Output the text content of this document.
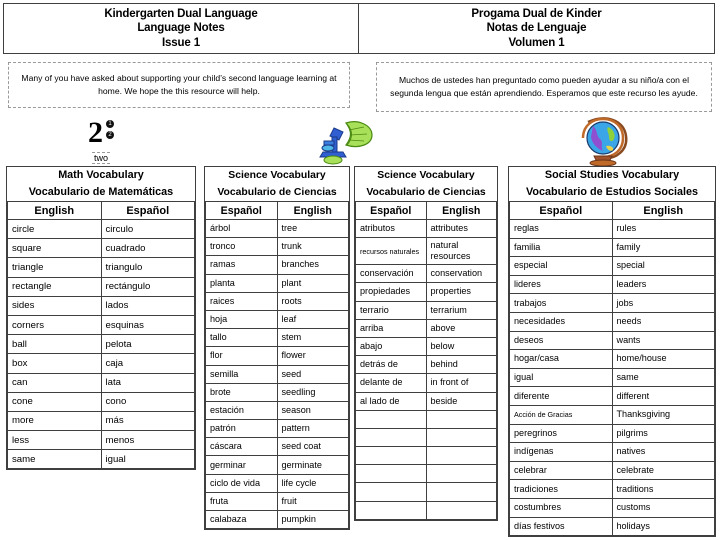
Kindergarten Dual Language
Language Notes
Issue 1
Progama Dual de Kinder
Notas de Lenguaje
Volumen 1
Many of you have asked about supporting your child’s second language learning at home. We hope the this resource will help.
Muchos de ustedes han preguntado como pueden ayudar a su niño/a con el segunda lengua que están aprendiendo. Esperamos que este recurso les ayude.
2 1
2
two
Math Vocabulary	
Vocabulario de Matemáticas	
English	Español
circle	circulo
square	cuadrado
triangle	triangulo
rectangle	rectángulo
sides	lados
corners	esquinas
ball	pelota
box	caja
can	lata
cone	cono
more	más
less	menos
same	igual
Science Vocabulary	
Vocabulario de Ciencias	
Español	English
árbol	tree
tronco	trunk
ramas	branches
planta	plant
raices	roots
hoja	leaf
tallo	stem
flor	flower
semilla	seed
brote	seedling
estación	season
patrón	pattern
cáscara	seed coat
germinar	germinate
ciclo de vida	life cycle
fruta	fruit
calabaza	pumpkin
Science Vocabulary	
Vocabulario de Ciencias	
Español	English
atributos	attributes
recursos naturales	natural resources
conservación	conservation
propiedades	properties
terrario	terrarium
arriba	above
abajo	below
detrás de	behind
delante de	in front of
al lado de	beside

Social Studies Vocabulary	
Vocabulario de Estudios Sociales	
Español	English
reglas	rules
familia	family
especial	special
lideres	leaders
trabajos	jobs
necesidades	needs
deseos	wants
hogar/casa	home/house
igual	same
diferente	different
Acción de Gracias	Thanksgiving
peregrinos	pilgrims
indígenas	natives
celebrar	celebrate
tradiciones	traditions
costumbres	customs
días festivos	holidays
